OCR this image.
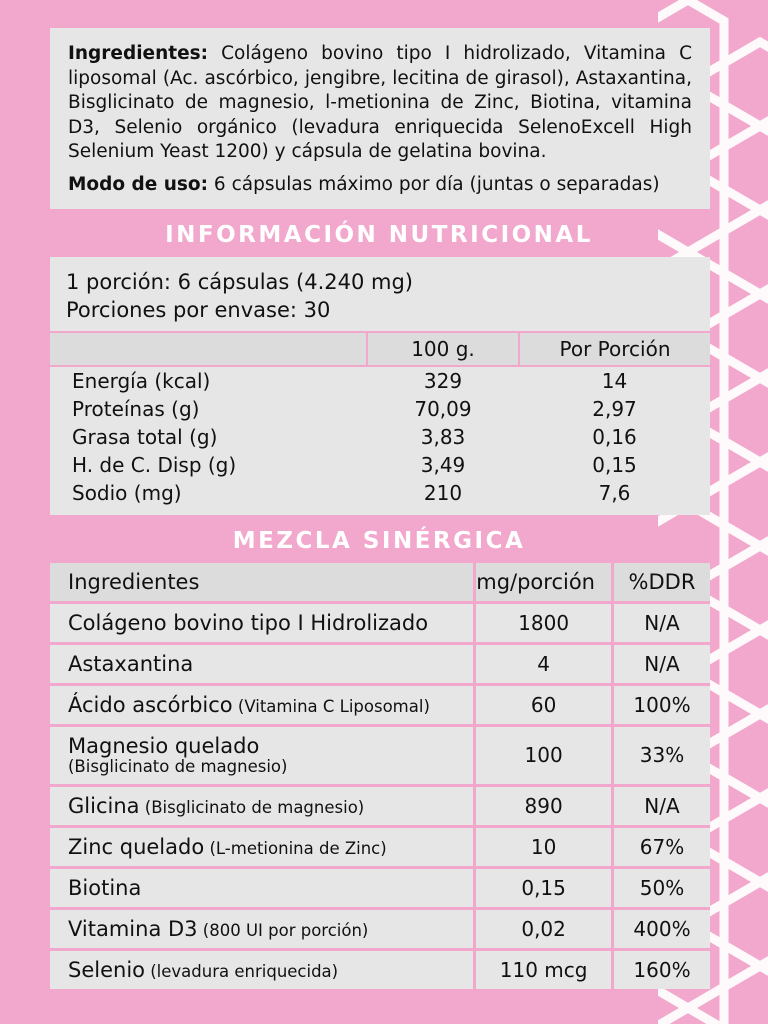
Ingredientes: Colágeno bovino tipo I hidrolizado, Vitamina C liposomal (Ac. ascórbico, jengibre, lecitina de girasol), Astaxantina, Bisglicinato de magnesio, l-metionina de Zinc, Biotina, vitamina D3, Selenio orgánico (levadura enriquecida SelenoExcell High Selenium Yeast 1200) y cápsula de gelatina bovina.

Modo de uso: 6 cápsulas máximo por día (juntas o separadas)

INFORMACIÓN NUTRICIONAL
1 porción: 6 cápsulas (4.240 mg)
Porciones por envase: 30
	100 g.	Por Porción
Energía (kcal)	329	14
Proteínas (g)	70,09	2,97
Grasa total (g)	3,83	0,16
H. de C. Disp (g)	3,49	0,15
Sodio (mg)	210	7,6
MEZCLA SINÉRGICA
Ingredientes	mg/porción	%DDR
Colágeno bovino tipo I Hidrolizado	1800	N/A
Astaxantina	4	N/A
Ácido ascórbico (Vitamina C Liposomal)	60	100%

Magnesio quelado
(Bisglicinato de magnesio)	100	33%
Glicina (Bisglicinato de magnesio)	890	N/A
Zinc quelado (L-metionina de Zinc)	10	67%
Biotina	0,15	50%
Vitamina D3 (800 UI por porción)	0,02	400%
Selenio (levadura enriquecida)	110 mcg	160%
